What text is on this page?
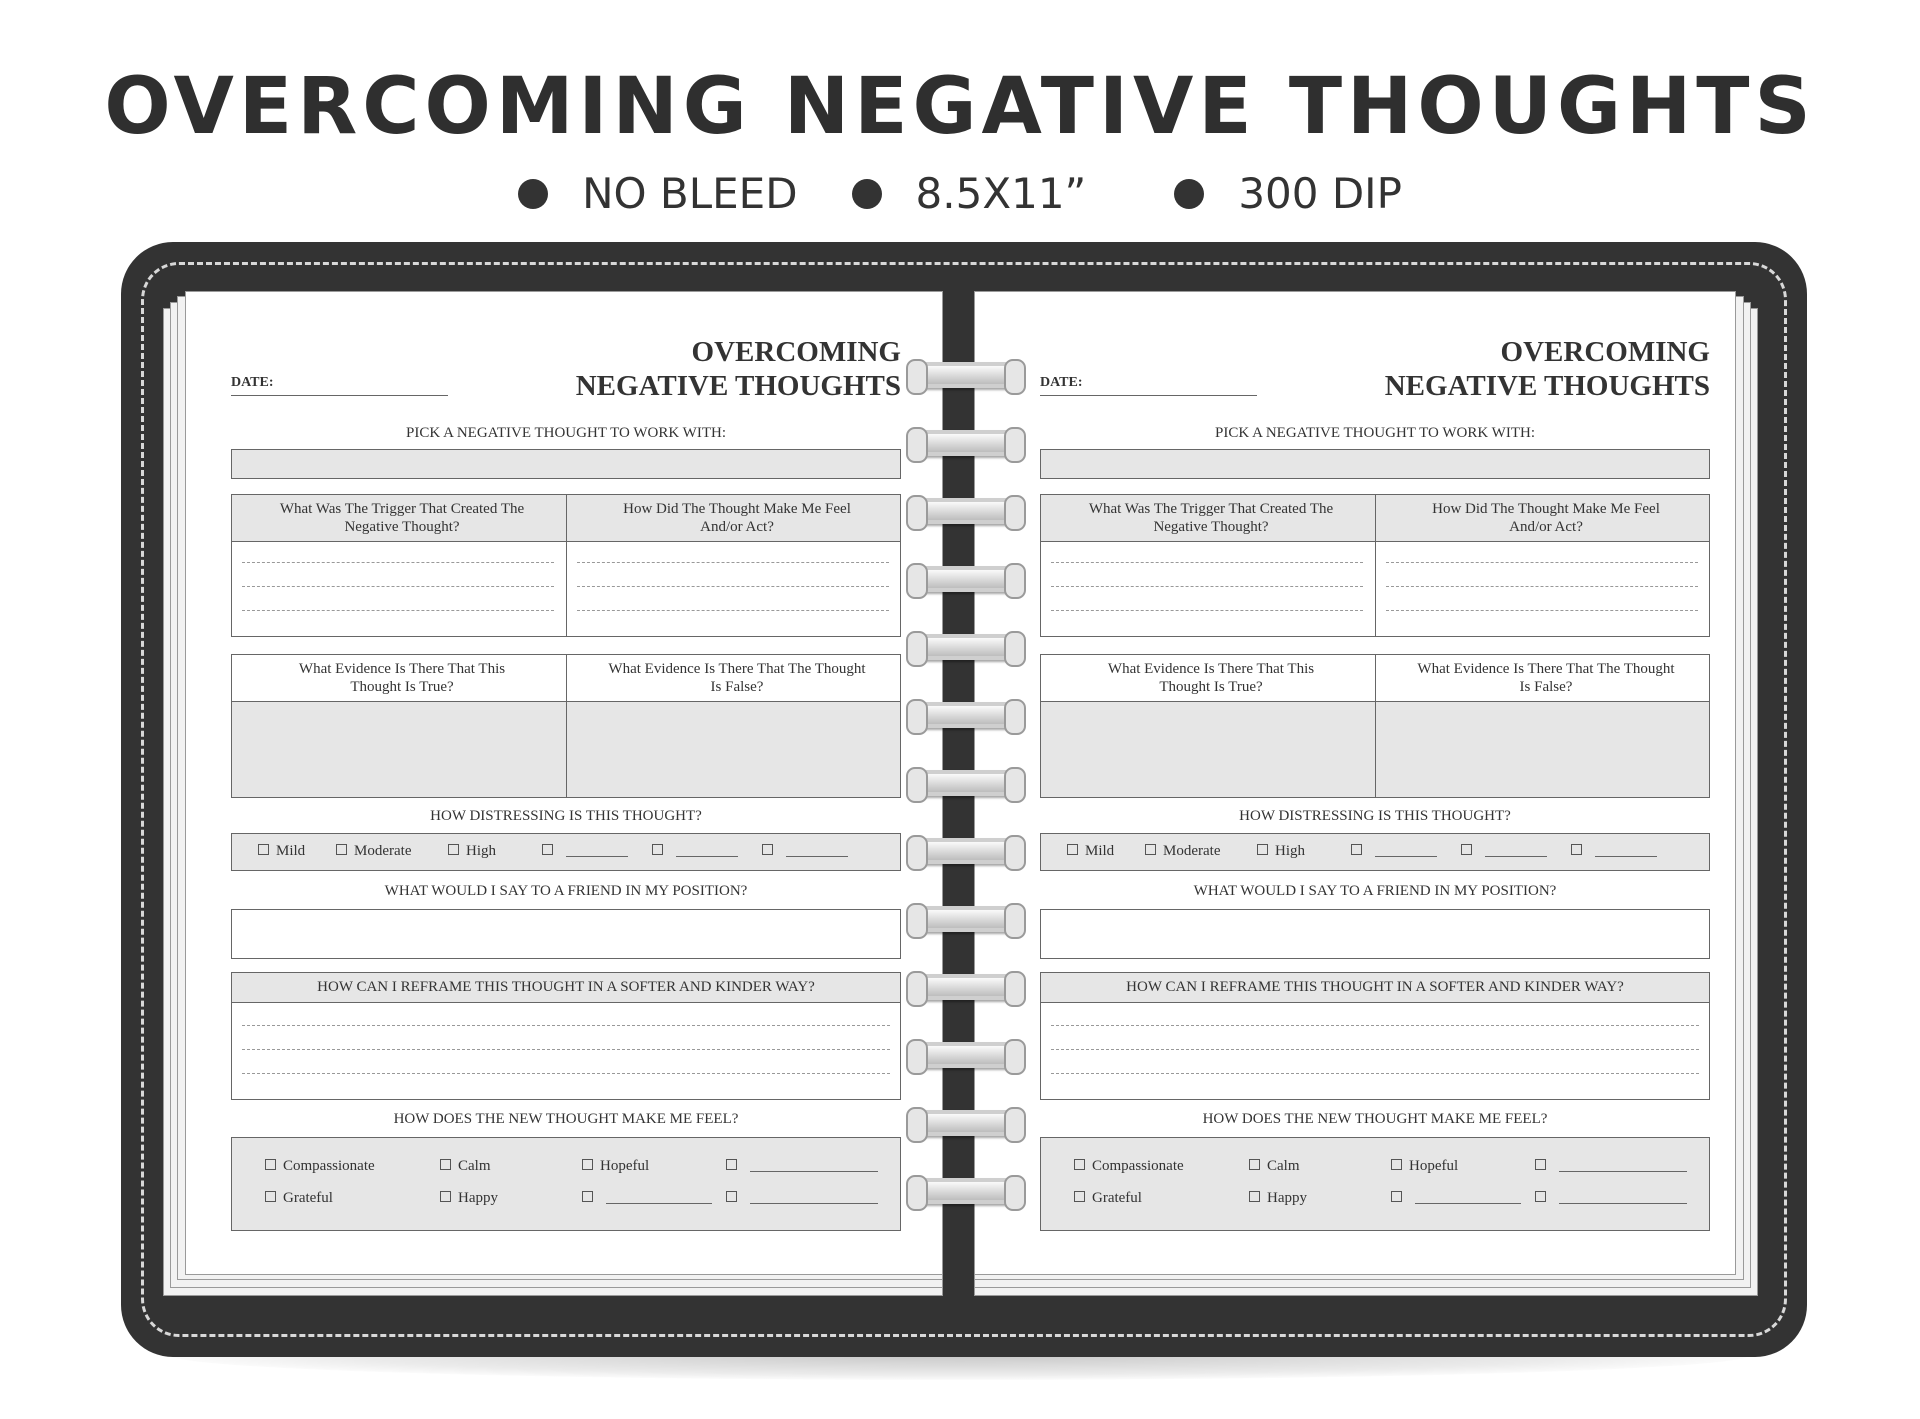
OVERCOMING NEGATIVE THOUGHTS
NO BLEED	8.5X11”	300 DIP
OVERCOMING
NEGATIVE THOUGHTS
DATE:
PICK A NEGATIVE THOUGHT TO WORK WITH:
What Was The Trigger That Created The Negative Thought?
How Did The Thought Make Me Feel And/or Act?
What Evidence Is There That This Thought Is True?
What Evidence Is There That The Thought Is False?
HOW DISTRESSING IS THIS THOUGHT?
Mild	Moderate	High
WHAT WOULD I SAY TO A FRIEND IN MY POSITION?
HOW CAN I REFRAME THIS THOUGHT IN A SOFTER AND KINDER WAY?
HOW DOES THE NEW THOUGHT MAKE ME FEEL?
Compassionate	Calm	Hopeful
Grateful	Happy
OVERCOMING
NEGATIVE THOUGHTS
DATE:
PICK A NEGATIVE THOUGHT TO WORK WITH:
What Was The Trigger That Created The Negative Thought?
How Did The Thought Make Me Feel And/or Act?
What Evidence Is There That This Thought Is True?
What Evidence Is There That The Thought Is False?
HOW DISTRESSING IS THIS THOUGHT?
Mild	Moderate	High
WHAT WOULD I SAY TO A FRIEND IN MY POSITION?
HOW CAN I REFRAME THIS THOUGHT IN A SOFTER AND KINDER WAY?
HOW DOES THE NEW THOUGHT MAKE ME FEEL?
Compassionate	Calm	Hopeful
Grateful	Happy
